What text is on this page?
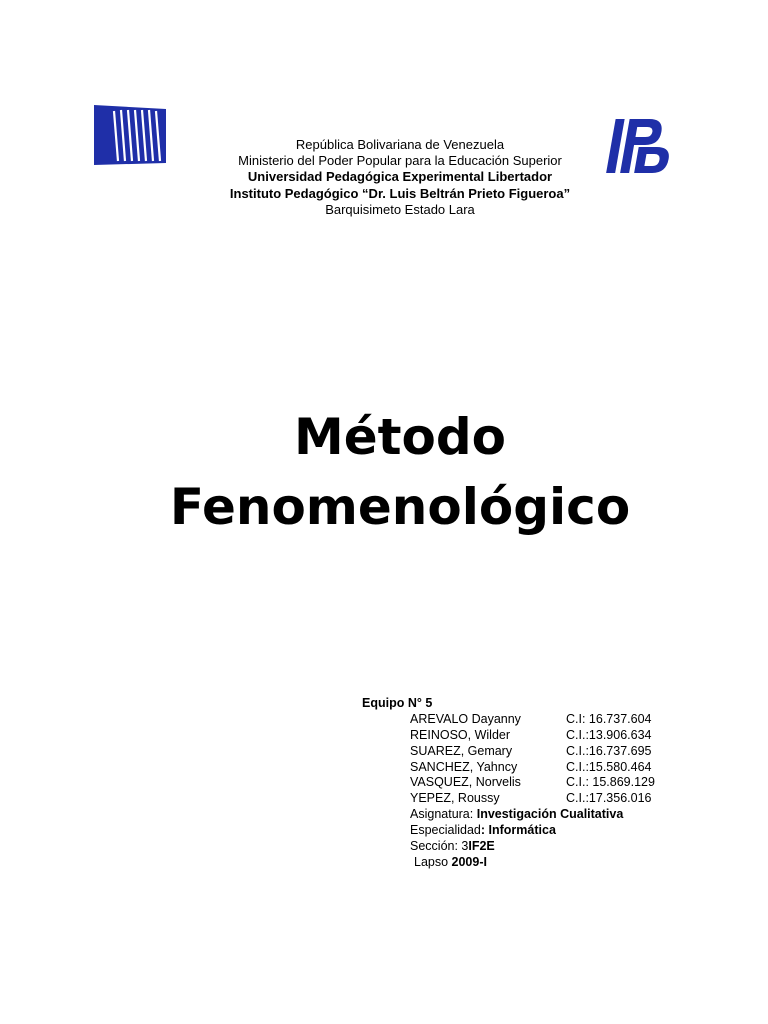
República Bolivariana de Venezuela
Ministerio del Poder Popular para la Educación Superior
Universidad Pedagógica Experimental Libertador
Instituto Pedagógico “Dr. Luis Beltrán Prieto Figueroa”
Barquisimeto Estado Lara
Método
Fenomenológico
Equipo N° 5
AREVALO Dayanny	C.I: 16.737.604
REINOSO, Wilder	C.I.:13.906.634
SUAREZ, Gemary	C.I.:16.737.695
SANCHEZ, Yahncy	C.I.:15.580.464
VASQUEZ, Norvelis	C.I.: 15.869.129
YEPEZ, Roussy	C.I.:17.356.016
Asignatura: Investigación Cualitativa
Especialidad: Informática
Sección: 3IF2E
Lapso 2009-I
